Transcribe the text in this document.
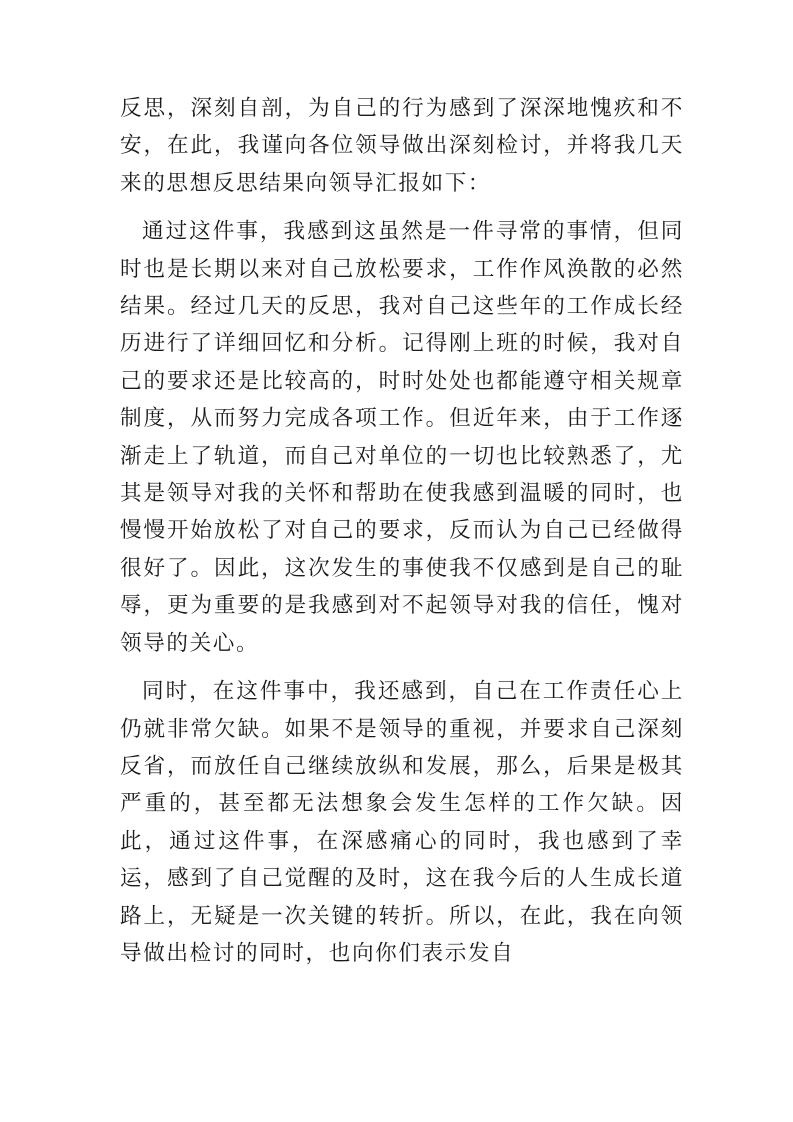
反思，深刻自剖，为自己的行为感到了深深地愧疚和不安，在此，我谨向各位领导做出深刻检讨，并将我几天来的思想反思结果向领导汇报如下：

通过这件事，我感到这虽然是一件寻常的事情，但同时也是长期以来对自己放松要求，工作作风涣散的必然结果。经过几天的反思，我对自己这些年的工作成长经历进行了详细回忆和分析。记得刚上班的时候，我对自己的要求还是比较高的，时时处处也都能遵守相关规章制度，从而努力完成各项工作。但近年来，由于工作逐渐走上了轨道，而自己对单位的一切也比较熟悉了，尤其是领导对我的关怀和帮助在使我感到温暖的同时，也慢慢开始放松了对自己的要求，反而认为自己已经做得很好了。因此，这次发生的事使我不仅感到是自己的耻辱，更为重要的是我感到对不起领导对我的信任，愧对领导的关心。

同时，在这件事中，我还感到，自己在工作责任心上仍就非常欠缺。如果不是领导的重视，并要求自己深刻反省，而放任自己继续放纵和发展，那么，后果是极其严重的，甚至都无法想象会发生怎样的工作欠缺。因此，通过这件事，在深感痛心的同时，我也感到了幸运，感到了自己觉醒的及时，这在我今后的人生成长道路上，无疑是一次关键的转折。所以，在此，我在向领导做出检讨的同时，也向你们表示发自
